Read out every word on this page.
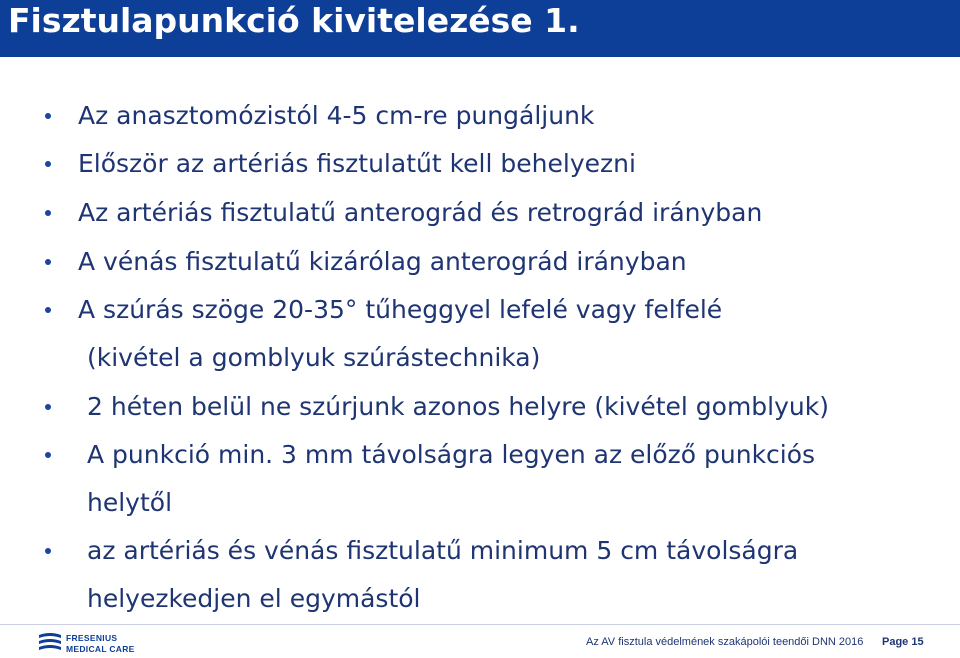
Fisztulapunkció kivitelezése 1.
Az anasztomózistól 4-5 cm-re pungáljunk
Először az artériás fisztulatűt kell behelyezni
Az artériás fisztulatű anterográd és retrográd irányban
A vénás fisztulatű kizárólag anterográd irányban
A szúrás szöge 20-35° tűheggyel lefelé vagy felfelé
(kivétel a gomblyuk szúrástechnika)
2 héten belül ne szúrjunk azonos helyre (kivétel gomblyuk)
A punkció min. 3 mm távolságra legyen az előző punkciós
helytől
az artériás és vénás fisztulatű minimum 5 cm távolságra
helyezkedjen el egymástól
FRESENIUS
MEDICAL CARE
Az AV fisztula védelmének szakápolói teendői DNN 2016 Page 15
